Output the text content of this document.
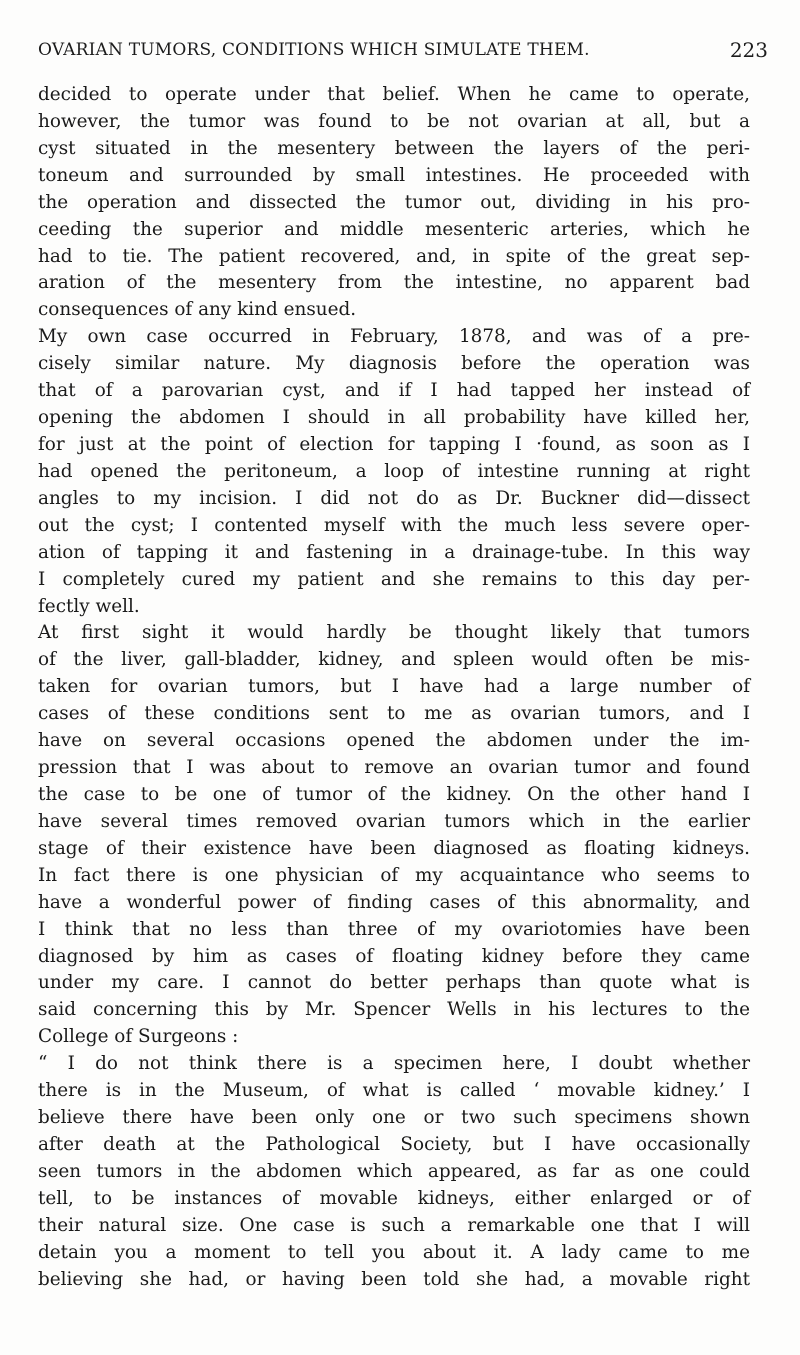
OVARIAN TUMORS, CONDITIONS WHICH SIMULATE THEM.	223
decided to operate under that belief. When he came to operate,
however, the tumor was found to be not ovarian at all, but a
cyst situated in the mesentery between the layers of the peri-
toneum and surrounded by small intestines. He proceeded with
the operation and dissected the tumor out, dividing in his pro-
ceeding the superior and middle mesenteric arteries, which he
had to tie. The patient recovered, and, in spite of the great sep-
aration of the mesentery from the intestine, no apparent bad
consequences of any kind ensued.
My own case occurred in February, 1878, and was of a pre-
cisely similar nature. My diagnosis before the operation was
that of a parovarian cyst, and if I had tapped her instead of
opening the abdomen I should in all probability have killed her,
for just at the point of election for tapping I ·found, as soon as I
had opened the peritoneum, a loop of intestine running at right
angles to my incision. I did not do as Dr. Buckner did—dissect
out the cyst; I contented myself with the much less severe oper-
ation of tapping it and fastening in a drainage-tube. In this way
I completely cured my patient and she remains to this day per-
fectly well.
At first sight it would hardly be thought likely that tumors
of the liver, gall-bladder, kidney, and spleen would often be mis-
taken for ovarian tumors, but I have had a large number of
cases of these conditions sent to me as ovarian tumors, and I
have on several occasions opened the abdomen under the im-
pression that I was about to remove an ovarian tumor and found
the case to be one of tumor of the kidney. On the other hand I
have several times removed ovarian tumors which in the earlier
stage of their existence have been diagnosed as floating kidneys.
In fact there is one physician of my acquaintance who seems to
have a wonderful power of finding cases of this abnormality, and
I think that no less than three of my ovariotomies have been
diagnosed by him as cases of floating kidney before they came
under my care. I cannot do better perhaps than quote what is
said concerning this by Mr. Spencer Wells in his lectures to the
College of Surgeons :
“ I do not think there is a specimen here, I doubt whether
there is in the Museum, of what is called ‘ movable kidney.’ I
believe there have been only one or two such specimens shown
after death at the Pathological Society, but I have occasionally
seen tumors in the abdomen which appeared, as far as one could
tell, to be instances of movable kidneys, either enlarged or of
their natural size. One case is such a remarkable one that I will
detain you a moment to tell you about it. A lady came to me
believing she had, or having been told she had, a movable right
